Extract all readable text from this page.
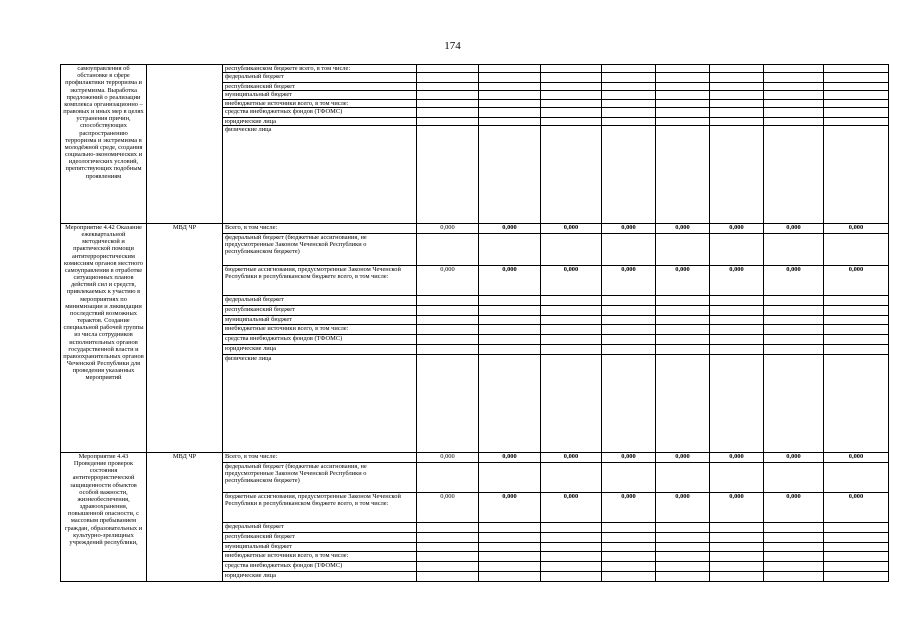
174
самоуправления об обстановке в сфере профилактики терроризма и экстремизма. Выработка предложений о реализации комплекса организационно – правовых и иных мер в целях устранения причин, способствующих распространению терроризма и экстремизма в молодёжной среде, создания социально-экономических и идеологических условий, препятствующих подобным проявлениям		республиканском бюджете всего, в том числе:								
		федеральный бюджет								
		республиканский бюджет								
		муниципальный бюджет								
		внебюджетные источники всего, в том числе:								
		средства внебюджетных фондов (ТФОМС)								
		юридические лица								
		физические лица								
Мероприятие 4.42 Оказание ежеквартальной методической и практической помощи антитеррористическим комиссиям органов местного самоуправления в отработке ситуационных планов действий сил и средств, привлекаемых к участию в мероприятиях по минимизации и ликвидации последствий возможных терактов. Создание специальной рабочей группы из числа сотрудников исполнительных органов государственной власти и правоохранительных органов Чеченской Республики для проведения указанных мероприятий	МВД ЧР	Всего, в том числе:	0,000	0,000	0,000	0,000	0,000	0,000	0,000	0,000
		федеральный бюджет (бюджетные ассигнования, не предусмотренные Законом Чеченской Республики о республиканском бюджете)								
		бюджетные ассигнования, предусмотренные Законом Чеченской Республики в республиканском бюджете всего, в том числе:	0,000	0,000	0,000	0,000	0,000	0,000	0,000	0,000
		федеральный бюджет								
		республиканский бюджет								
		муниципальный бюджет								
		внебюджетные источники всего, в том числе:								
		средства внебюджетных фондов (ТФОМС)								
		юридические лица								
		физические лица								
Мероприятие 4.43 Проведение проверок состояния антитеррористической защищенности объектов особой важности, жизнеобеспечения, здравоохранения, повышенной опасности, с массовым пребыванием граждан, образовательных и культурно-зрелищных учреждений республики,	МВД ЧР	Всего, в том числе:	0,000	0,000	0,000	0,000	0,000	0,000	0,000	0,000
		федеральный бюджет (бюджетные ассигнования, не предусмотренные Законом Чеченской Республики о республиканском бюджете)								
		бюджетные ассигнования, предусмотренные Законом Чеченской Республики в республиканском бюджете всего, в том числе:	0,000	0,000	0,000	0,000	0,000	0,000	0,000	0,000
		федеральный бюджет								
		республиканский бюджет								
		муниципальный бюджет								
		внебюджетные источники всего, в том числе:								
		средства внебюджетных фондов (ТФОМС)								
		юридические лица								
